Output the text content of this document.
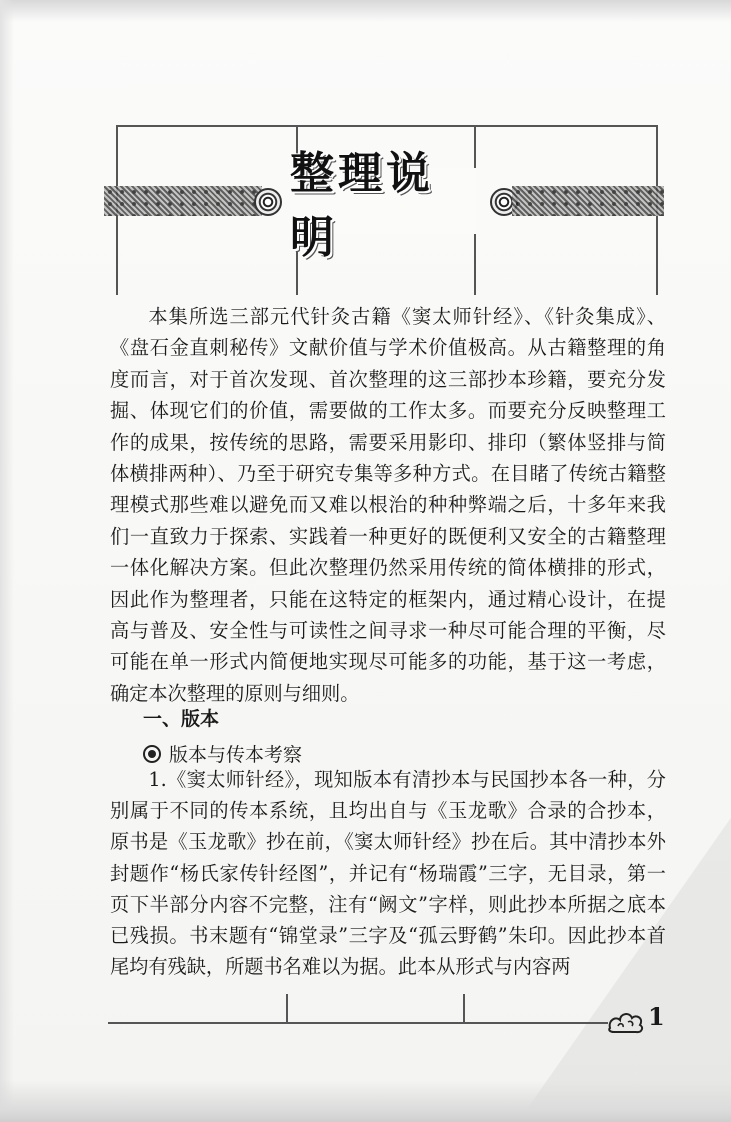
整理说明

本集所选三部元代针灸古籍《窦太师针经》、《针灸集成》、《盘石金直刺秘传》文献价值与学术价值极高。从古籍整理的角度而言，对于首次发现、首次整理的这三部抄本珍籍，要充分发掘、体现它们的价值，需要做的工作太多。而要充分反映整理工作的成果，按传统的思路，需要采用影印、排印（繁体竖排与简体横排两种）、乃至于研究专集等多种方式。在目睹了传统古籍整理模式那些难以避免而又难以根治的种种弊端之后，十多年来我们一直致力于探索、实践着一种更好的既便利又安全的古籍整理一体化解决方案。但此次整理仍然采用传统的简体横排的形式，因此作为整理者，只能在这特定的框架内，通过精心设计，在提高与普及、安全性与可读性之间寻求一种尽可能合理的平衡，尽可能在单一形式内简便地实现尽可能多的功能，基于这一考虑，确定本次整理的原则与细则。

一、版本
版本与传本考察

1.《窦太师针经》，现知版本有清抄本与民国抄本各一种，分别属于不同的传本系统，且均出自与《玉龙歌》合录的合抄本，原书是《玉龙歌》抄在前，《窦太师针经》抄在后。其中清抄本外封题作“杨氏家传针经图”，并记有“杨瑞霞”三字，无目录，第一页下半部分内容不完整，注有“阙文”字样，则此抄本所据之底本已残损。书末题有“锦堂录”三字及“孤云野鹤”朱印。因此抄本首尾均有残缺，所题书名难以为据。此本从形式与内容两

1
